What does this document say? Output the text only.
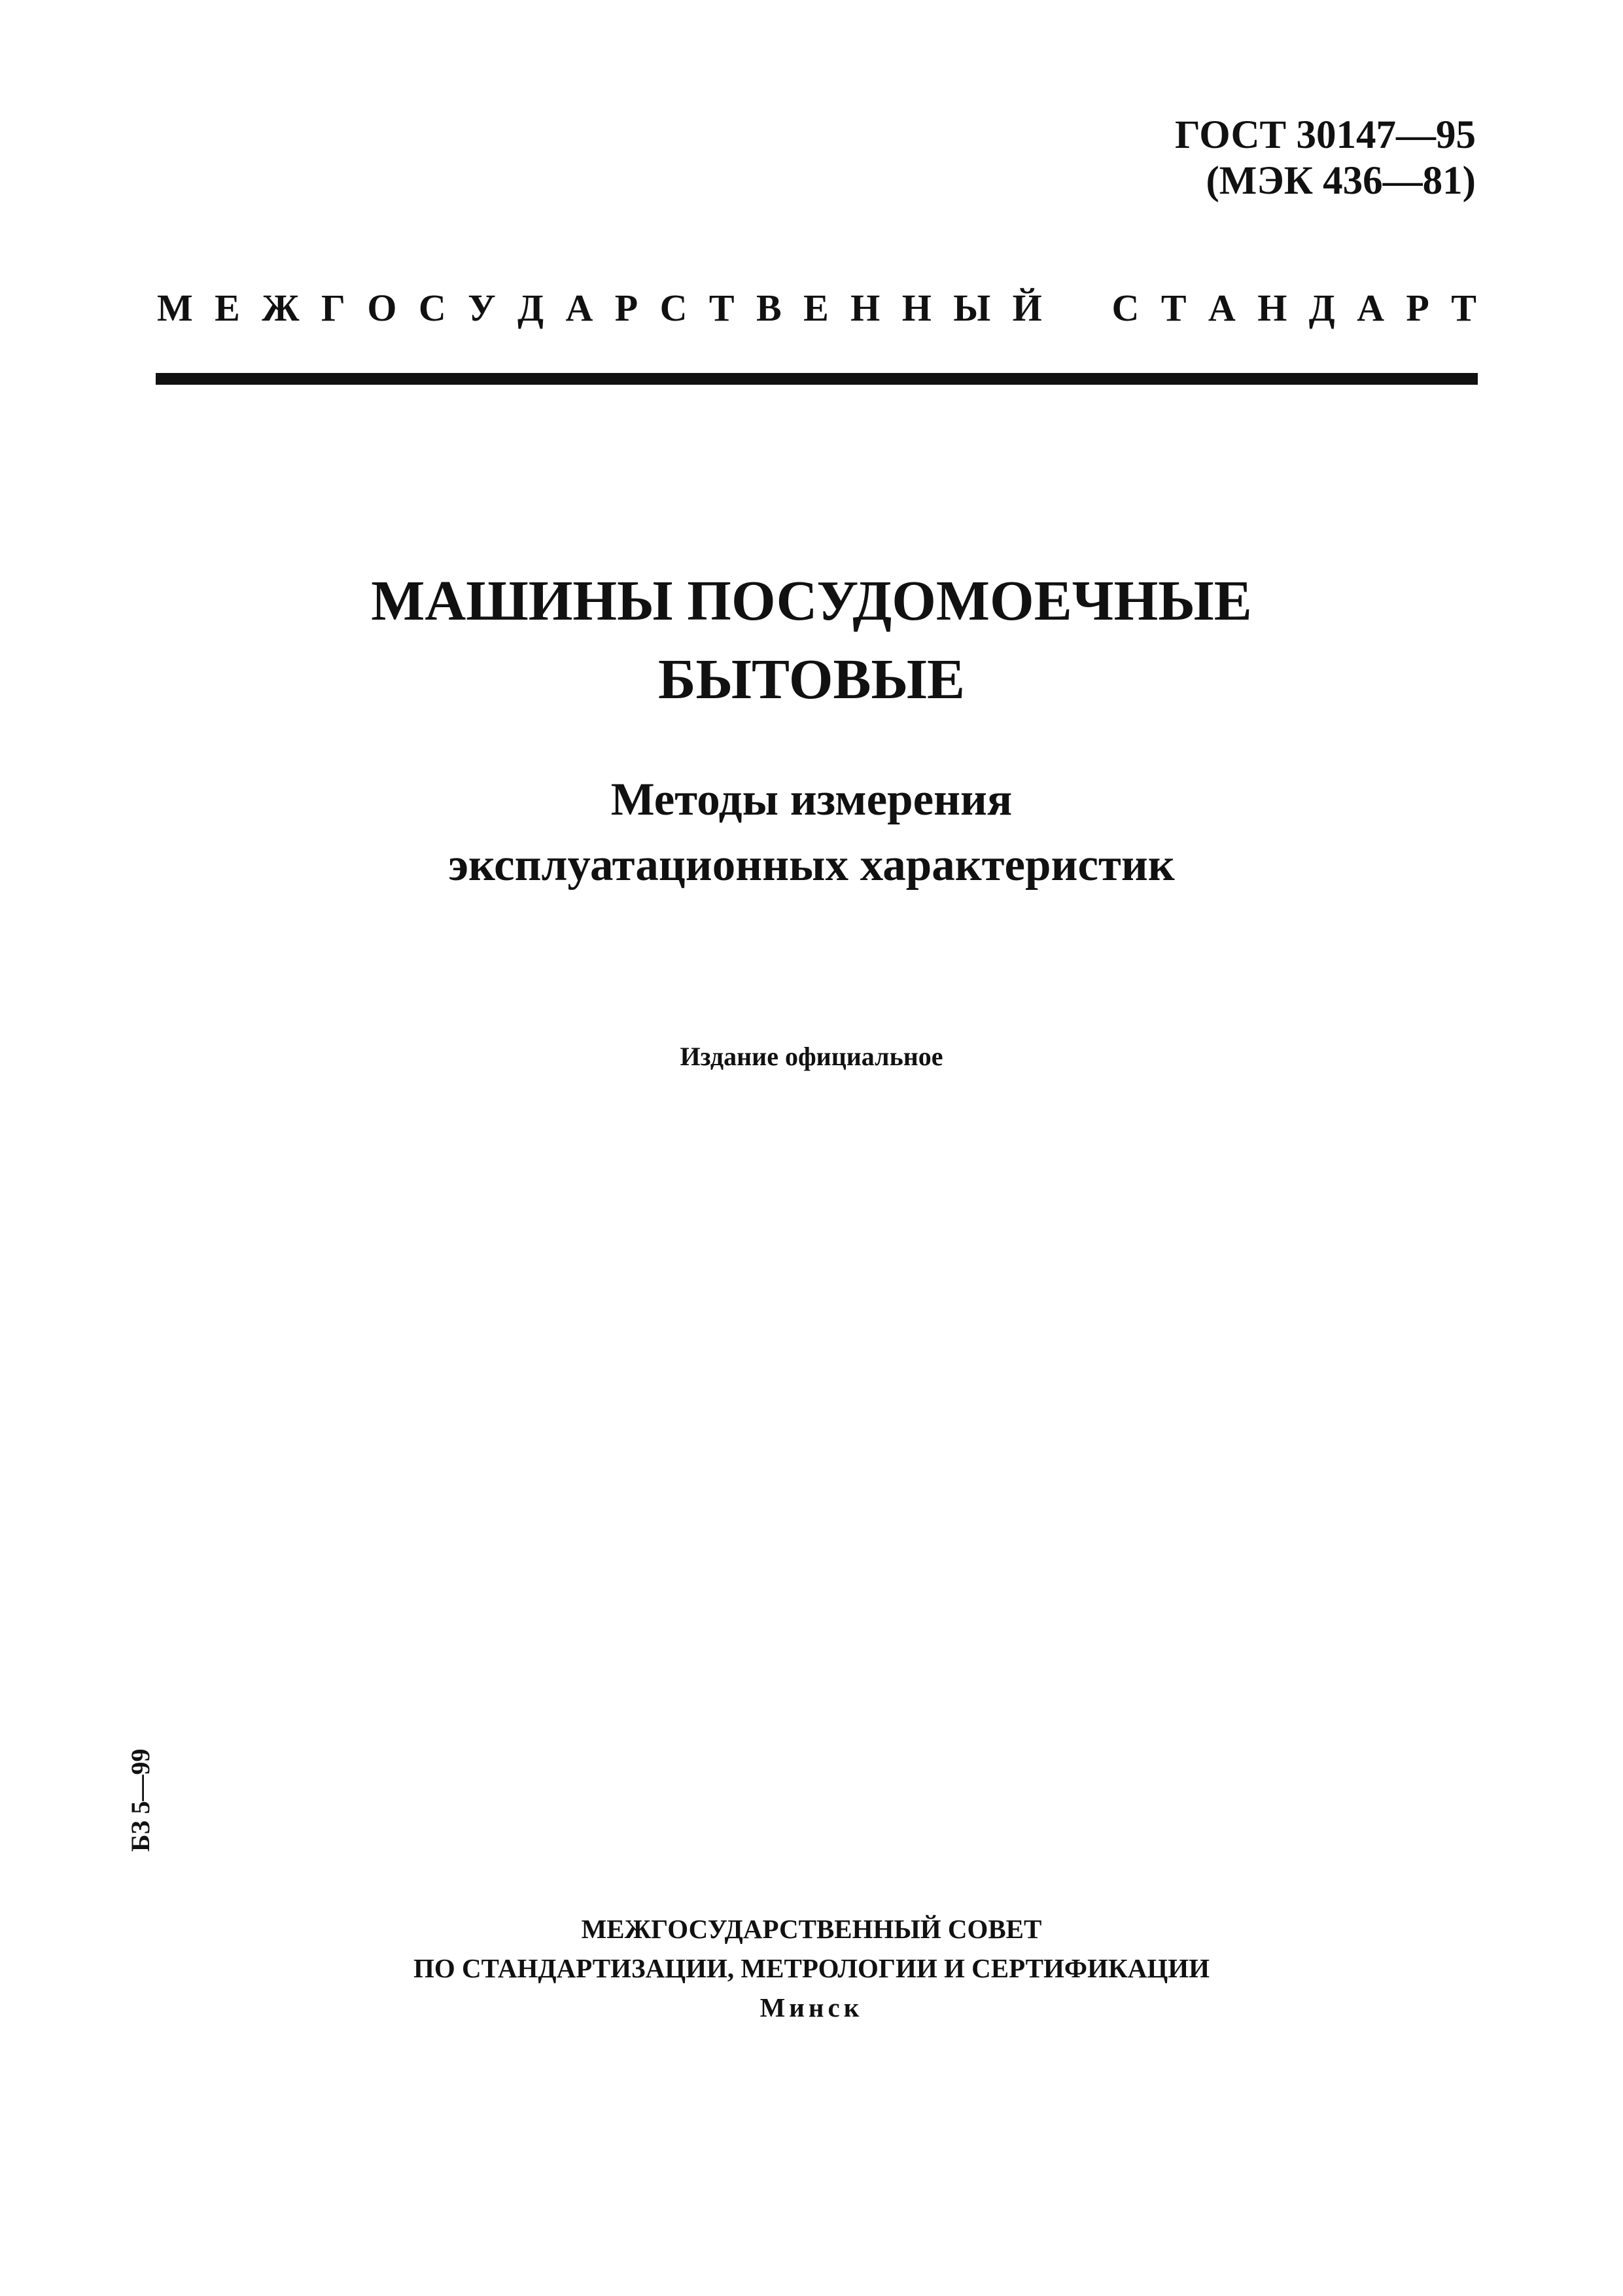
ГОСТ 30147—95
(МЭК 436—81)
М Е Ж Г О С У Д А Р С Т В Е Н Н Ы Й С Т А Н Д А Р Т
МАШИНЫ ПОСУДОМОЕЧНЫЕ
БЫТОВЫЕ
Методы измерения
эксплуатационных характеристик
Издание официальное
БЗ 5—99
МЕЖГОСУДАРСТВЕННЫЙ СОВЕТ
ПО СТАНДАРТИЗАЦИИ, МЕТРОЛОГИИ И СЕРТИФИКАЦИИ
Минск
